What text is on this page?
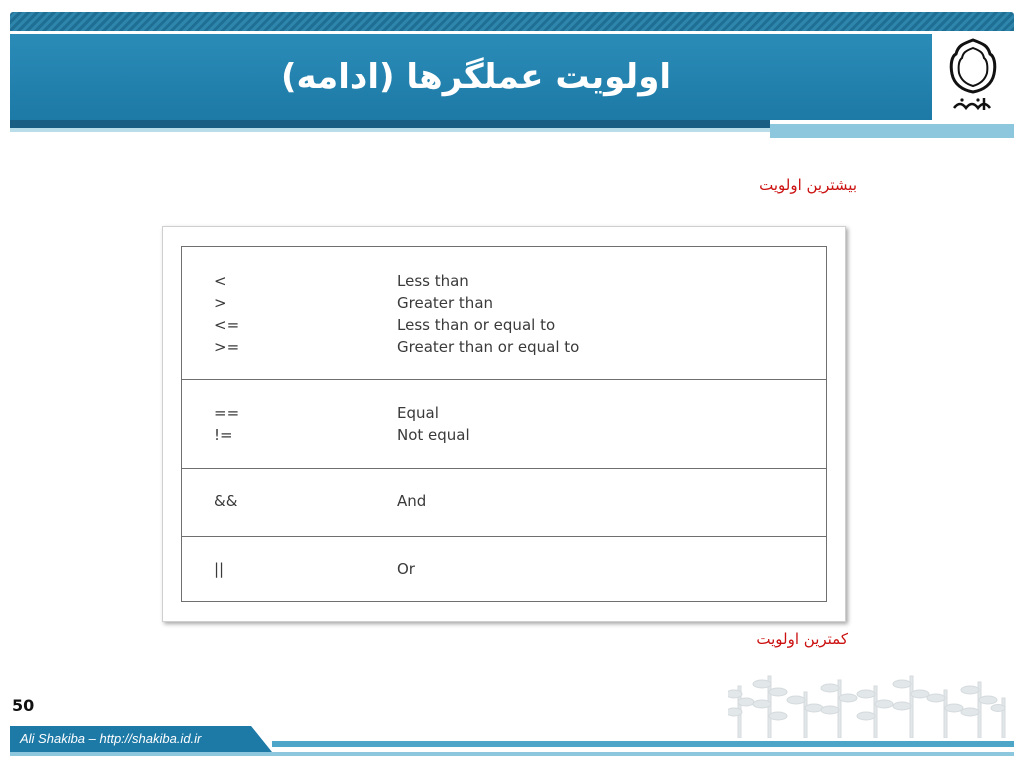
اولویت عملگرها (ادامه)
بیشترین اولویت
کمترین اولویت
<	Less than
>	Greater than
<=	Less than or equal to
>=	Greater than or equal to
==	Equal
!=	Not equal
&&	And
||	Or
50
Ali Shakiba – http://shakiba.id.ir
